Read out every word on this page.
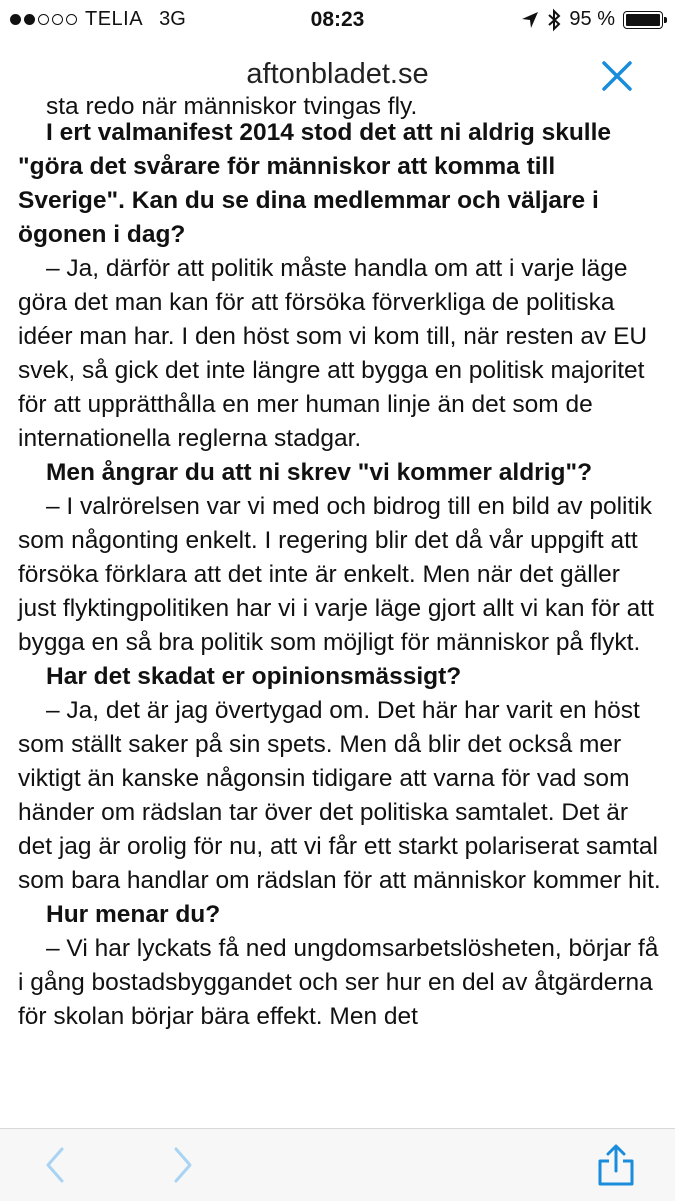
TELIA 3G	08:23	95 %
aftonbladet.se

sta redo när människor tvingas fly.

I ert valmanifest 2014 stod det att ni aldrig skulle "göra det svårare för människor att komma till Sverige". Kan du se dina medlemmar och väljare i ögonen i dag?

– Ja, därför att politik måste handla om att i varje läge göra det man kan för att försöka förverkliga de politiska idéer man har. I den höst som vi kom till, när resten av EU svek, så gick det inte längre att bygga en politisk majoritet för att upprätthålla en mer human linje än det som de internationella reglerna stadgar.

Men ångrar du att ni skrev "vi kommer aldrig"?

– I valrörelsen var vi med och bidrog till en bild av politik som någonting enkelt. I regering blir det då vår uppgift att försöka förklara att det inte är enkelt. Men när det gäller just flyktingpolitiken har vi i varje läge gjort allt vi kan för att bygga en så bra politik som möjligt för människor på flykt.

Har det skadat er opinionsmässigt?

– Ja, det är jag övertygad om. Det här har varit en höst som ställt saker på sin spets. Men då blir det också mer viktigt än kanske någonsin tidigare att varna för vad som händer om rädslan tar över det politiska samtalet. Det är det jag är orolig för nu, att vi får ett starkt polariserat samtal som bara handlar om rädslan för att människor kommer hit.

Hur menar du?

– Vi har lyckats få ned ungdomsarbetslösheten, börjar få i gång bostadsbyggandet och ser hur en del av åtgärderna för skolan börjar bära effekt. Men det
